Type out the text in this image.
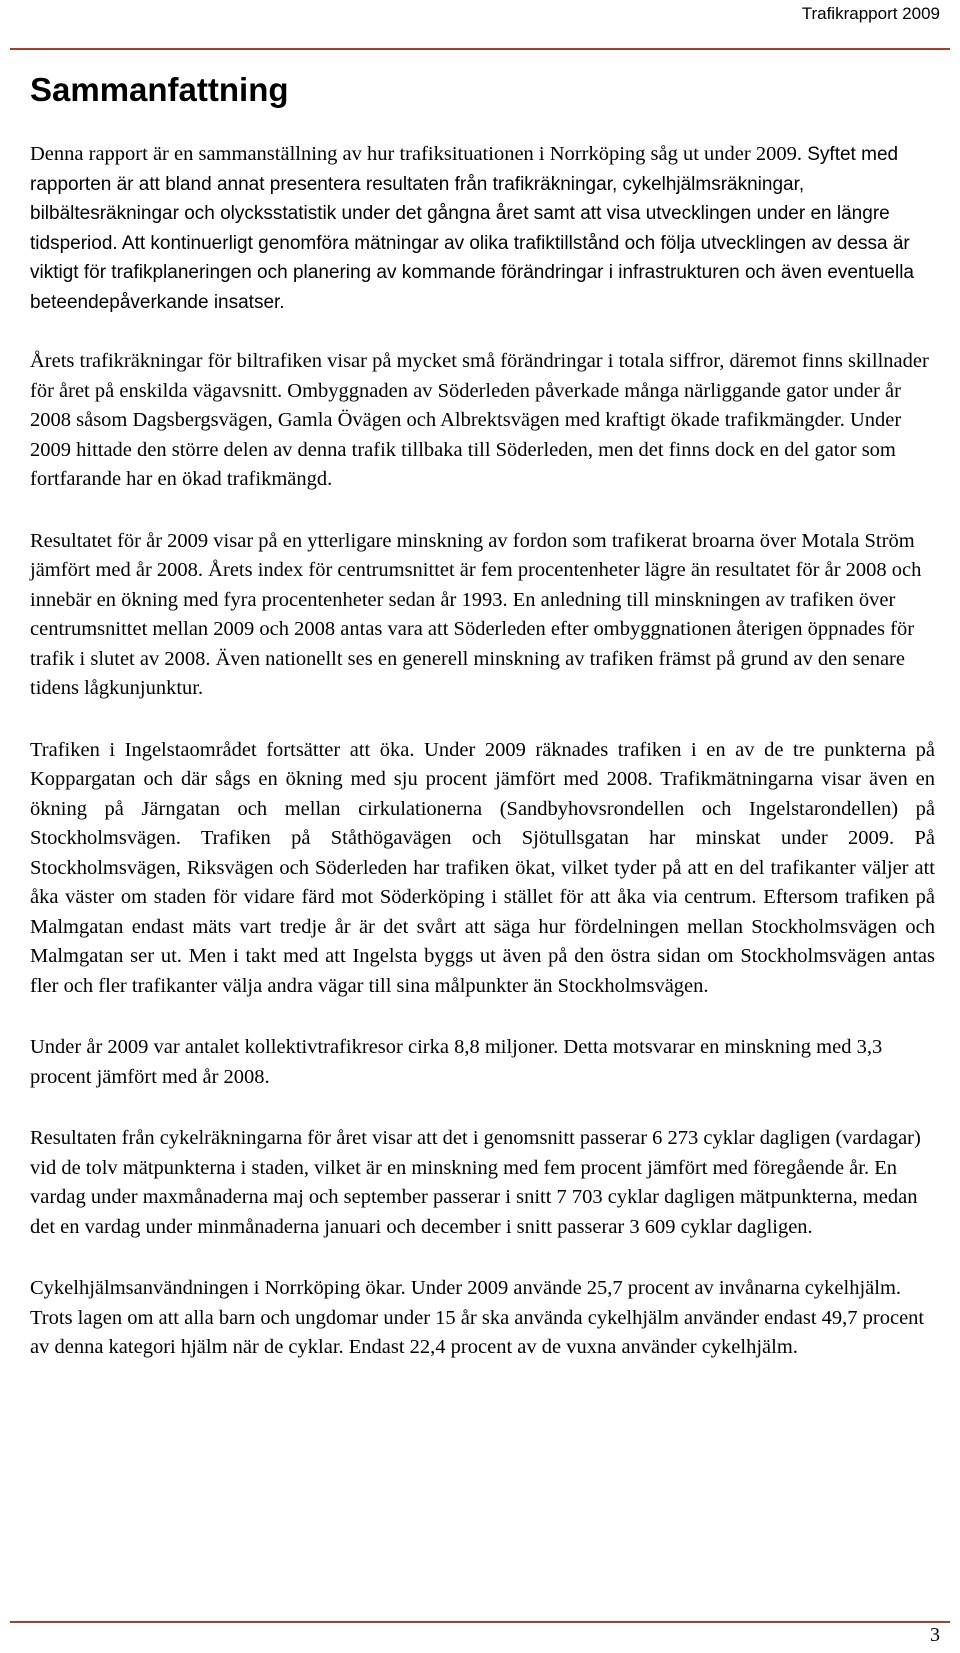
Trafikrapport 2009
Sammanfattning

Denna rapport är en sammanställning av hur trafiksituationen i Norrköping såg ut under 2009. Syftet med rapporten är att bland annat presentera resultaten från trafikräkningar, cykelhjälmsräkningar, bilbältesräkningar och olycksstatistik under det gångna året samt att visa utvecklingen under en längre tidsperiod. Att kontinuerligt genomföra mätningar av olika trafiktillstånd och följa utvecklingen av dessa är viktigt för trafikplaneringen och planering av kommande förändringar i infrastrukturen och även eventuella beteendepåverkande insatser.

Årets trafikräkningar för biltrafiken visar på mycket små förändringar i totala siffror, däremot finns skillnader för året på enskilda vägavsnitt. Ombyggnaden av Söderleden påverkade många närliggande gator under år 2008 såsom Dagsbergsvägen, Gamla Övägen och Albrektsvägen med kraftigt ökade trafikmängder. Under 2009 hittade den större delen av denna trafik tillbaka till Söderleden, men det finns dock en del gator som fortfarande har en ökad trafikmängd.

Resultatet för år 2009 visar på en ytterligare minskning av fordon som trafikerat broarna över Motala Ström jämfört med år 2008. Årets index för centrumsnittet är fem procentenheter lägre än resultatet för år 2008 och innebär en ökning med fyra procentenheter sedan år 1993. En anledning till minskningen av trafiken över centrumsnittet mellan 2009 och 2008 antas vara att Söderleden efter ombyggnationen återigen öppnades för trafik i slutet av 2008. Även nationellt ses en generell minskning av trafiken främst på grund av den senare tidens lågkunjunktur.

Trafiken i Ingelstaområdet fortsätter att öka. Under 2009 räknades trafiken i en av de tre punkterna på Koppargatan och där sågs en ökning med sju procent jämfört med 2008. Trafikmätningarna visar även en ökning på Järngatan och mellan cirkulationerna (Sandbyhovsrondellen och Ingelstarondellen) på Stockholmsvägen. Trafiken på Ståthögavägen och Sjötullsgatan har minskat under 2009. På Stockholmsvägen, Riksvägen och Söderleden har trafiken ökat, vilket tyder på att en del trafikanter väljer att åka väster om staden för vidare färd mot Söderköping i stället för att åka via centrum. Eftersom trafiken på Malmgatan endast mäts vart tredje år är det svårt att säga hur fördelningen mellan Stockholmsvägen och Malmgatan ser ut. Men i takt med att Ingelsta byggs ut även på den östra sidan om Stockholmsvägen antas fler och fler trafikanter välja andra vägar till sina målpunkter än Stockholmsvägen.

Under år 2009 var antalet kollektivtrafikresor cirka 8,8 miljoner. Detta motsvarar en minskning med 3,3 procent jämfört med år 2008.

Resultaten från cykelräkningarna för året visar att det i genomsnitt passerar 6 273 cyklar dagligen (vardagar) vid de tolv mätpunkterna i staden, vilket är en minskning med fem procent jämfört med föregående år. En vardag under maxmånaderna maj och september passerar i snitt 7 703 cyklar dagligen mätpunkterna, medan det en vardag under minmånaderna januari och december i snitt passerar 3 609 cyklar dagligen.

Cykelhjälmsanvändningen i Norrköping ökar. Under 2009 använde 25,7 procent av invånarna cykelhjälm. Trots lagen om att alla barn och ungdomar under 15 år ska använda cykelhjälm använder endast 49,7 procent av denna kategori hjälm när de cyklar. Endast 22,4 procent av de vuxna använder cykelhjälm.

3
